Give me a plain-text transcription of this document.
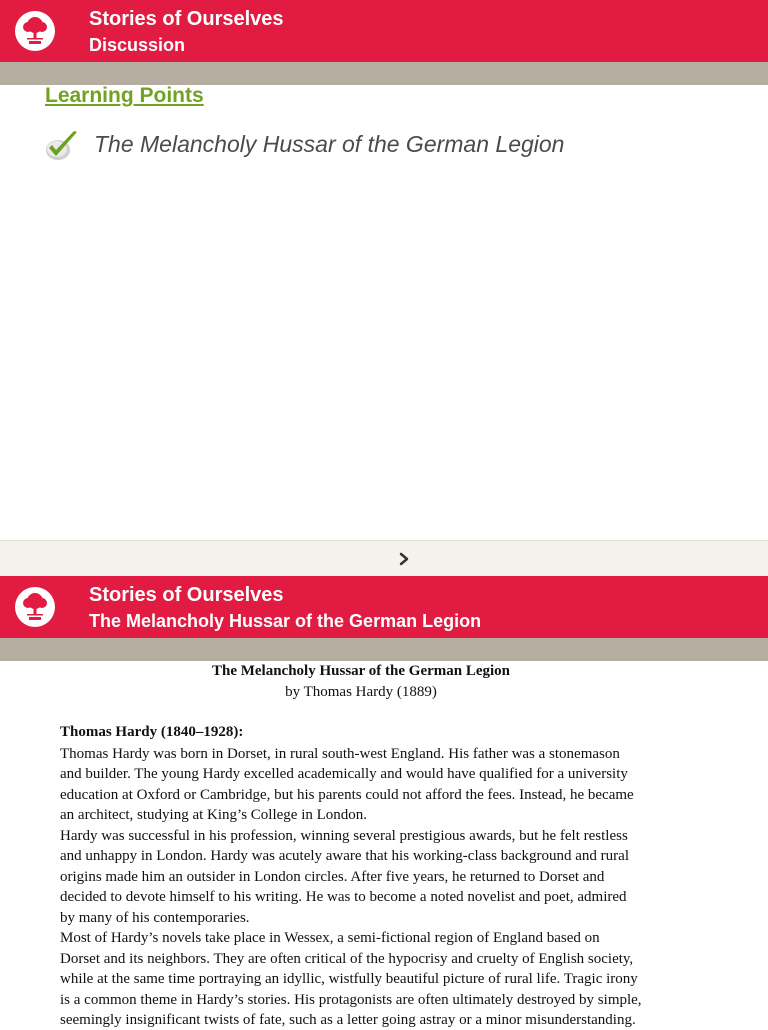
Stories of Ourselves
Discussion
Learning Points
The Melancholy Hussar of the German Legion
Stories of Ourselves
The Melancholy Hussar of the German Legion
The Melancholy Hussar of the German Legion
by Thomas Hardy (1889)
Thomas Hardy (1840–1928):
Thomas Hardy was born in Dorset, in rural south-west England. His father was a stonemason
and builder. The young Hardy excelled academically and would have qualified for a university
education at Oxford or Cambridge, but his parents could not afford the fees. Instead, he became
an architect, studying at King’s College in London.
Hardy was successful in his profession, winning several prestigious awards, but he felt restless
and unhappy in London. Hardy was acutely aware that his working-class background and rural
origins made him an outsider in London circles. After five years, he returned to Dorset and
decided to devote himself to his writing. He was to become a noted novelist and poet, admired
by many of his contemporaries.
Most of Hardy’s novels take place in Wessex, a semi-fictional region of England based on
Dorset and its neighbors. They are often critical of the hypocrisy and cruelty of English society,
while at the same time portraying an idyllic, wistfully beautiful picture of rural life. Tragic irony
is a common theme in Hardy’s stories. His protagonists are often ultimately destroyed by simple,
seemingly insignificant twists of fate, such as a letter going astray or a minor misunderstanding.
